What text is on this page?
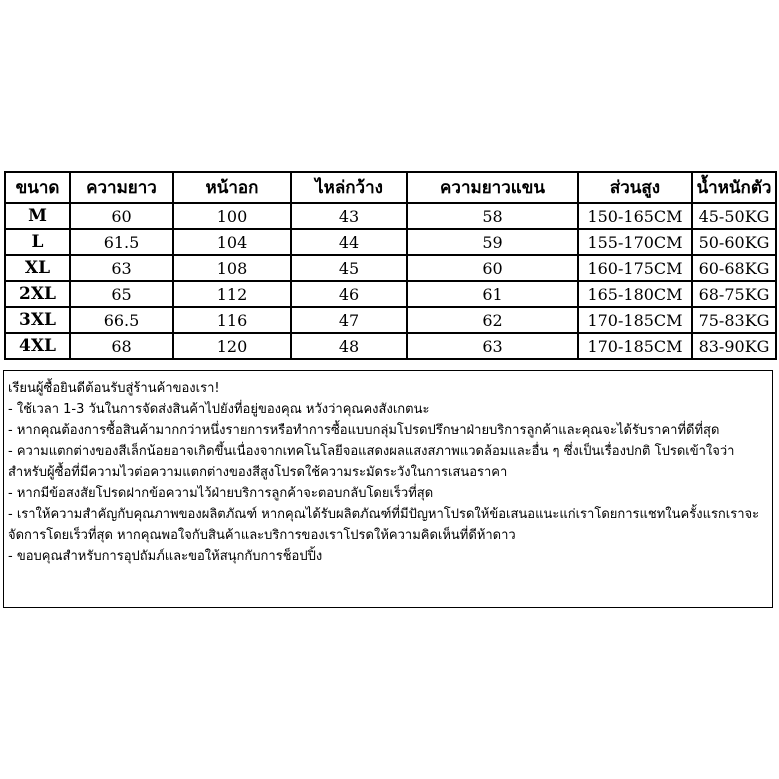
ขนาด	ความยาว	หน้าอก	ไหล่กว้าง	ความยาวแขน	ส่วนสูง	น้ำหนักตัว
M	60	100	43	58	150-165CM	45-50KG
L	61.5	104	44	59	155-170CM	50-60KG
XL	63	108	45	60	160-175CM	60-68KG
2XL	65	112	46	61	165-180CM	68-75KG
3XL	66.5	116	47	62	170-185CM	75-83KG
4XL	68	120	48	63	170-185CM	83-90KG

เรียนผู้ซื้อยินดีต้อนรับสู่ร้านค้าของเรา!

- ใช้เวลา 1-3 วันในการจัดส่งสินค้าไปยังที่อยู่ของคุณ หวังว่าคุณคงสังเกตนะ

- หากคุณต้องการซื้อสินค้ามากกว่าหนึ่งรายการหรือทำการซื้อแบบกลุ่มโปรดปรึกษาฝ่ายบริการลูกค้าและคุณจะได้รับราคาที่ดีที่สุด

- ความแตกต่างของสีเล็กน้อยอาจเกิดขึ้นเนื่องจากเทคโนโลยีจอแสดงผลแสงสภาพแวดล้อมและอื่น ๆ ซึ่งเป็นเรื่องปกติ โปรดเข้าใจว่าสำหรับผู้ซื้อที่มีความไวต่อความแตกต่างของสีสูงโปรดใช้ความระมัดระวังในการเสนอราคา

- หากมีข้อสงสัยโปรดฝากข้อความไว้ฝ่ายบริการลูกค้าจะตอบกลับโดยเร็วที่สุด

- เราให้ความสำคัญกับคุณภาพของผลิตภัณฑ์ หากคุณได้รับผลิตภัณฑ์ที่มีปัญหาโปรดให้ข้อเสนอแนะแก่เราโดยการแชทในครั้งแรกเราจะจัดการโดยเร็วที่สุด หากคุณพอใจกับสินค้าและบริการของเราโปรดให้ความคิดเห็นที่ดีห้าดาว

- ขอบคุณสำหรับการอุปถัมภ์และขอให้สนุกกับการช็อปปิ้ง
